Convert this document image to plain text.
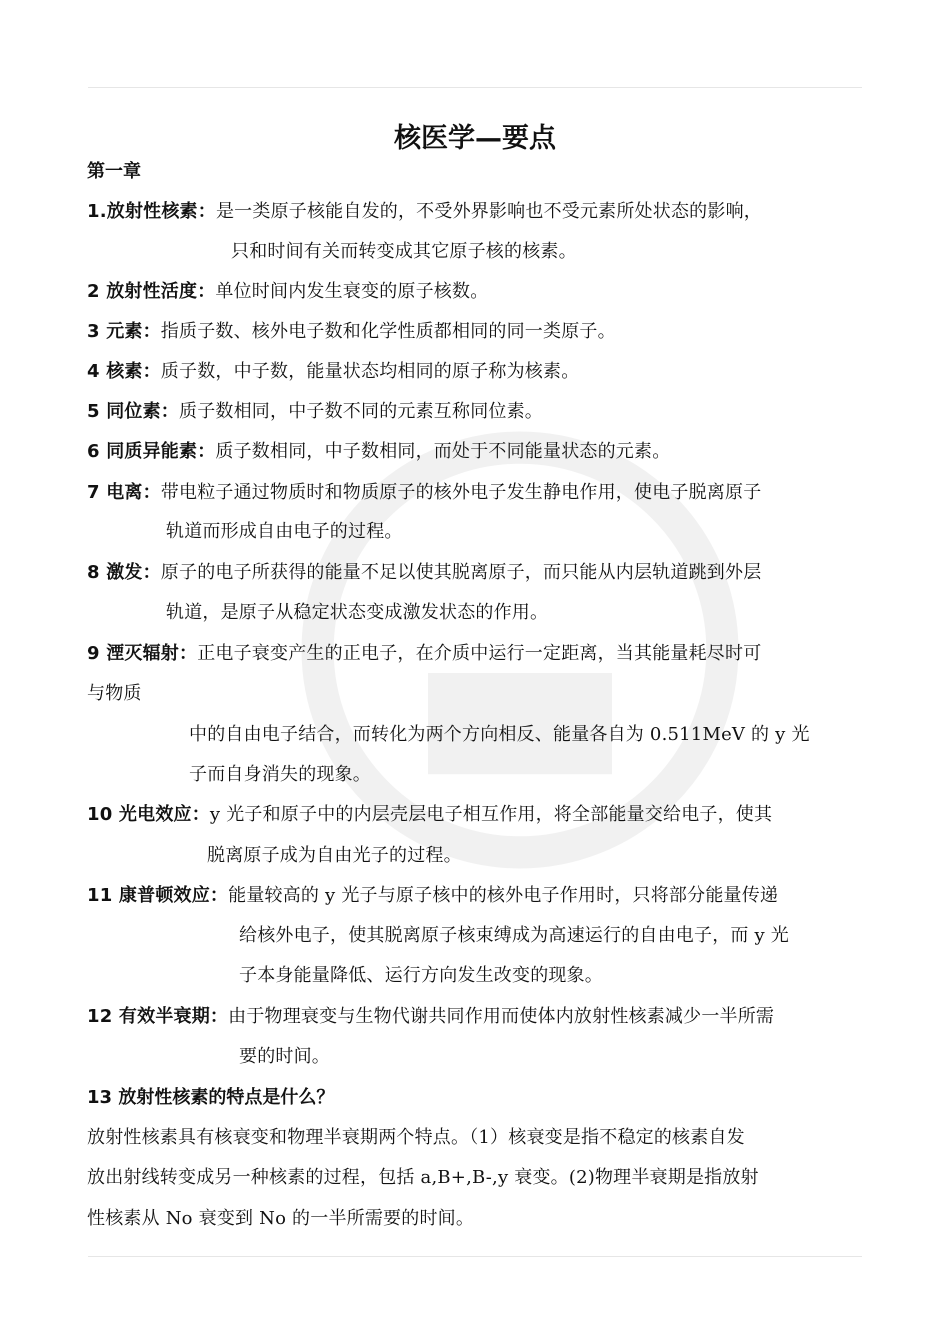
核医学—要点
第一章
1.放射性核素：是一类原子核能自发的，不受外界影响也不受元素所处状态的影响，
只和时间有关而转变成其它原子核的核素。
2 放射性活度：单位时间内发生衰变的原子核数。
3 元素：指质子数、核外电子数和化学性质都相同的同一类原子。
4 核素：质子数，中子数，能量状态均相同的原子称为核素。
5 同位素：质子数相同，中子数不同的元素互称同位素。
6 同质异能素：质子数相同，中子数相同，而处于不同能量状态的元素。
7 电离：带电粒子通过物质时和物质原子的核外电子发生静电作用，使电子脱离原子
轨道而形成自由电子的过程。
8 激发：原子的电子所获得的能量不足以使其脱离原子，而只能从内层轨道跳到外层
轨道，是原子从稳定状态变成激发状态的作用。
9 湮灭辐射：正电子衰变产生的正电子，在介质中运行一定距离，当其能量耗尽时可
与物质
中的自由电子结合，而转化为两个方向相反、能量各自为 0.511MeV 的 y 光
子而自身消失的现象。
10 光电效应：y 光子和原子中的内层壳层电子相互作用，将全部能量交给电子，使其
脱离原子成为自由光子的过程。
11 康普顿效应：能量较高的 y 光子与原子核中的核外电子作用时，只将部分能量传递
给核外电子，使其脱离原子核束缚成为高速运行的自由电子，而 y 光
子本身能量降低、运行方向发生改变的现象。
12 有效半衰期：由于物理衰变与生物代谢共同作用而使体内放射性核素减少一半所需
要的时间。
13 放射性核素的特点是什么？
放射性核素具有核衰变和物理半衰期两个特点。（1）核衰变是指不稳定的核素自发
放出射线转变成另一种核素的过程，包括 a,B+,B-,y 衰变。(2)物理半衰期是指放射
性核素从 No 衰变到 No 的一半所需要的时间。
